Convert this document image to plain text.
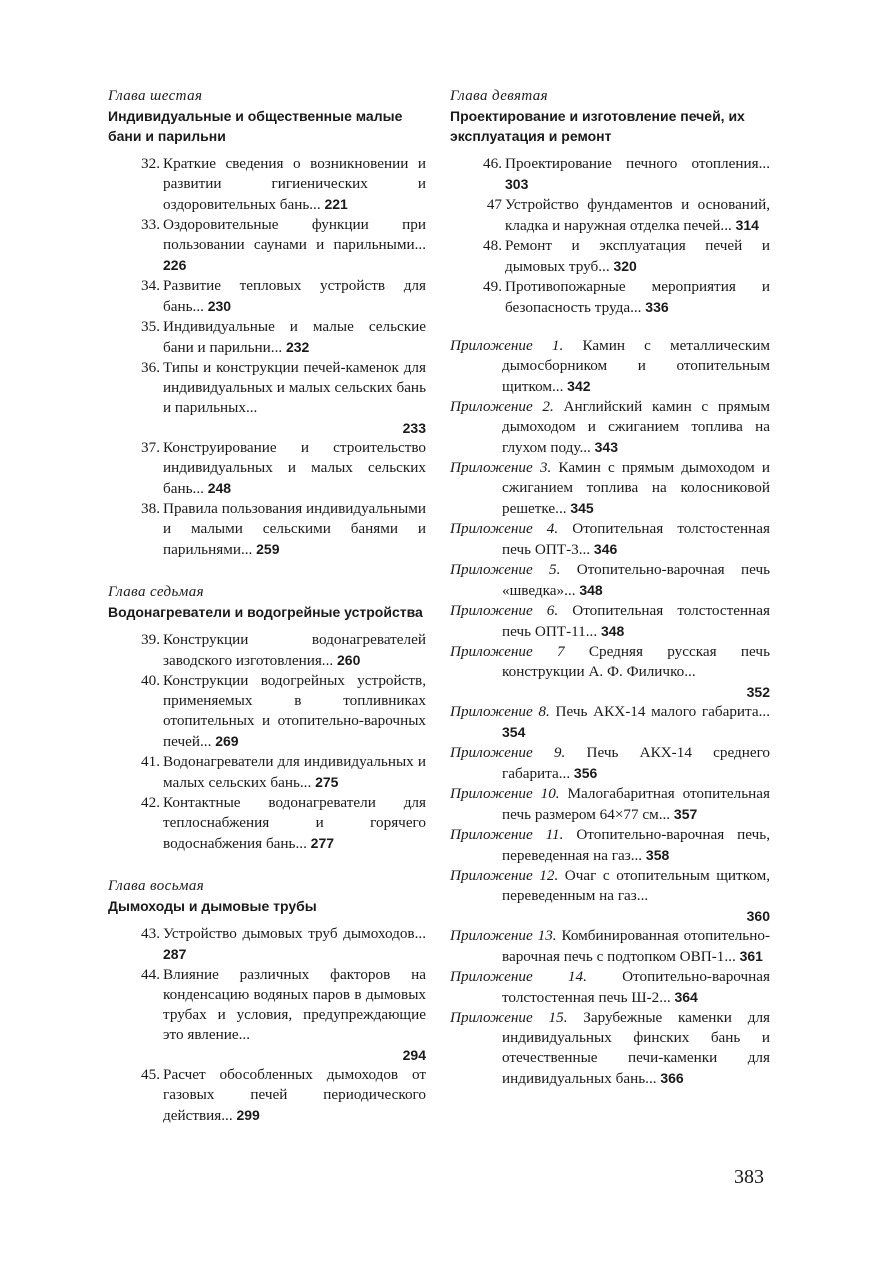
Глава шестая
Индивидуальные и общественные малые бани и парильни
32. Краткие сведения о возникновении и развитии гигиенических и оздоровительных бань... 221
33. Оздоровительные функции при пользовании саунами и парильными... 226
34. Развитие тепловых устройств для бань... 230
35. Индивидуальные и малые сельские бани и парильни... 232
36. Типы и конструкции печей-каменок для индивидуальных и малых сельских бань и парильных...
233
37. Конструирование и строительство индивидуальных и малых сельских бань... 248
38. Правила пользования индивидуальными и малыми сельскими банями и парильнями... 259
Глава седьмая
Водонагреватели и водогрейные устройства
39. Конструкции водонагревателей заводского изготовления... 260
40. Конструкции водогрейных устройств, применяемых в топливниках отопительных и отопительно-варочных печей... 269
41. Водонагреватели для индивидуальных и малых сельских бань... 275
42. Контактные водонагреватели для теплоснабжения и горячего водоснабжения бань... 277
Глава восьмая
Дымоходы и дымовые трубы
43. Устройство дымовых труб дымоходов... 287
44. Влияние различных факторов на конденсацию водяных паров в дымовых трубах и условия, предупреждающие это явление...
294
45. Расчет обособленных дымоходов от газовых печей периодического действия... 299
Глава девятая
Проектирование и изготовление печей, их эксплуатация и ремонт
46. Проектирование печного отопления... 303
47 Устройство фундаментов и оснований, кладка и наружная отделка печей... 314
48. Ремонт и эксплуатация печей и дымовых труб... 320
49. Противопожарные мероприятия и безопасность труда... 336
Приложение 1. Камин с металлическим дымосборником и отопительным щитком... 342
Приложение 2. Английский камин с прямым дымоходом и сжиганием топлива на глухом поду... 343
Приложение 3. Камин с прямым дымоходом и сжиганием топлива на колосниковой решетке... 345
Приложение 4. Отопительная толстостенная печь ОПТ-3... 346
Приложение 5. Отопительно-варочная печь «шведка»... 348
Приложение 6. Отопительная толстостенная печь ОПТ-11... 348
Приложение 7 Средняя русская печь конструкции А. Ф. Филичко...
352
Приложение 8. Печь АКХ-14 малого габарита... 354
Приложение 9. Печь АКХ-14 среднего габарита... 356
Приложение 10. Малогабаритная отопительная печь размером 64×77 см... 357
Приложение 11. Отопительно-варочная печь, переведенная на газ... 358
Приложение 12. Очаг с отопительным щитком, переведенным на газ...
360
Приложение 13. Комбинированная отопительно-варочная печь с подтопком ОВП-1... 361
Приложение 14. Отопительно-варочная толстостенная печь Ш-2... 364
Приложение 15. Зарубежные каменки для индивидуальных финских бань и отечественные печи-каменки для индивидуальных бань... 366
383
